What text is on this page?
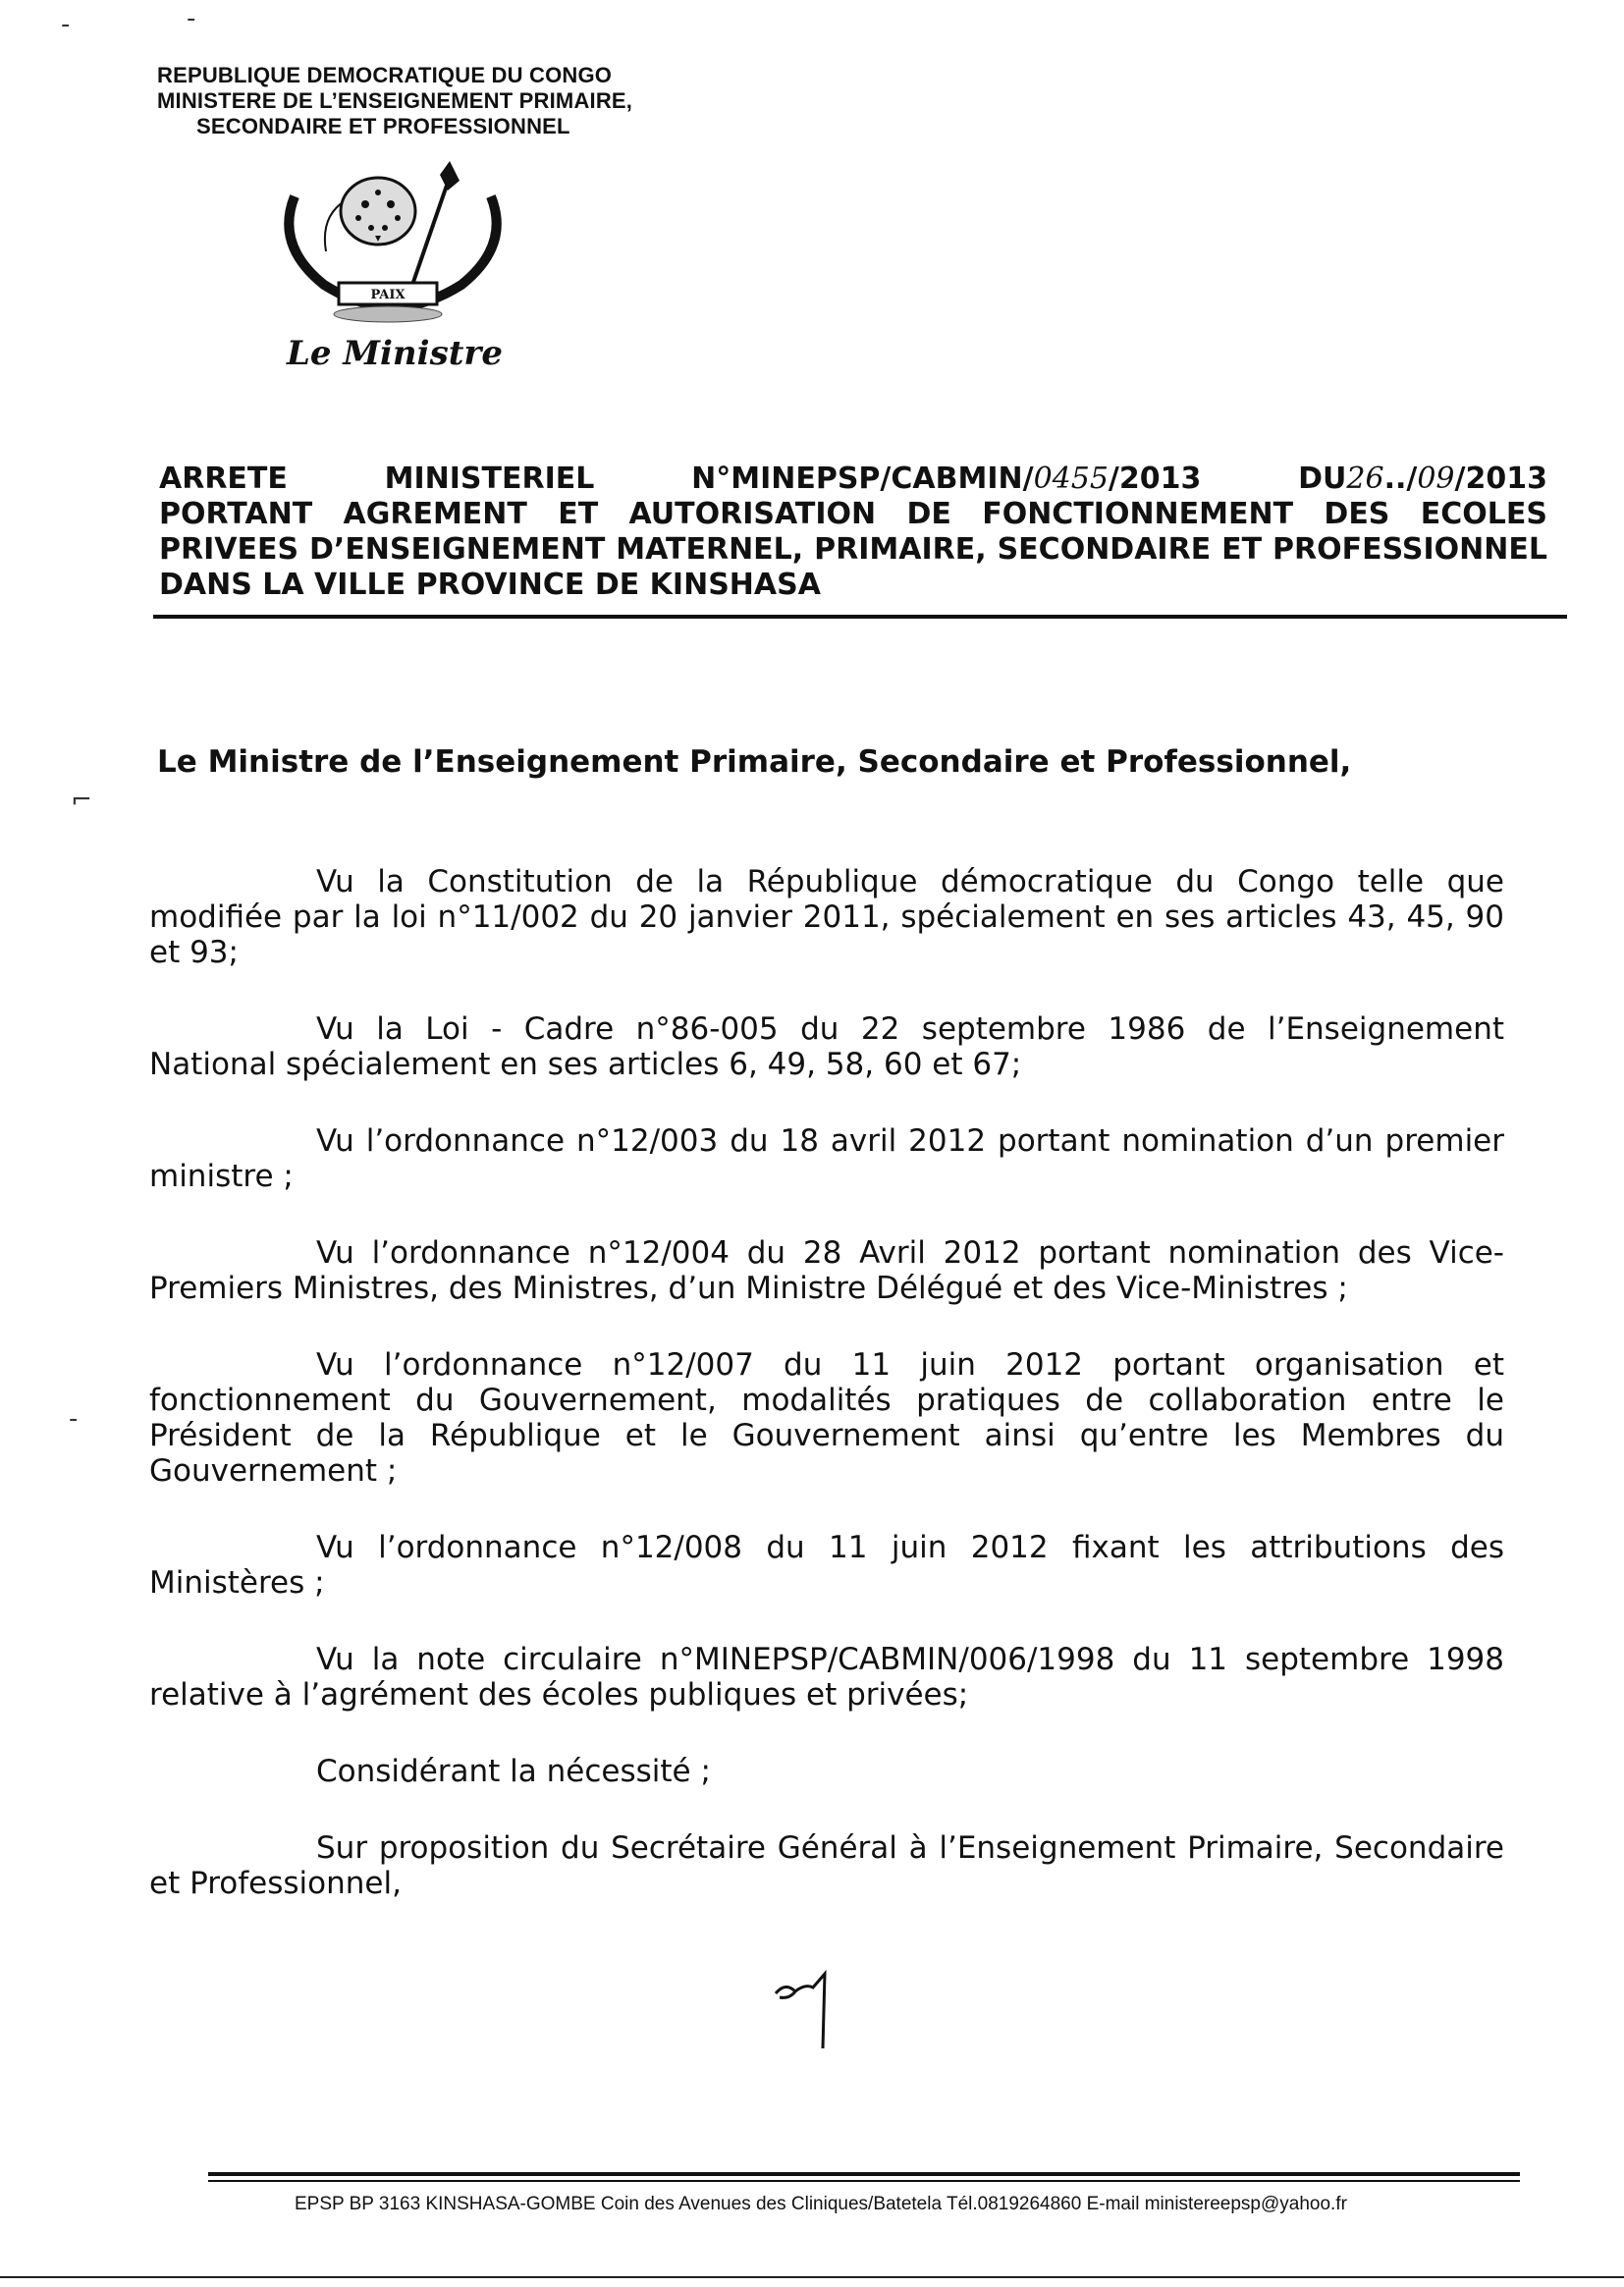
-	-
⌐
-
REPUBLIQUE DEMOCRATIQUE DU CONGO
MINISTERE DE L’ENSEIGNEMENT PRIMAIRE,
SECONDAIRE ET PROFESSIONNEL
PAIX
JUSTICE
TRAVAIL
Le Ministre
ARRETE	MINISTERIEL	N°MINEPSP/CABMIN/0455/2013	DU26../09/2013
PORTANT AGREMENT ET AUTORISATION DE FONCTIONNEMENT DES ECOLES PRIVEES D’ENSEIGNEMENT MATERNEL, PRIMAIRE, SECONDAIRE ET PROFESSIONNEL DANS LA VILLE PROVINCE DE KINSHASA
Le Ministre de l’Enseignement Primaire, Secondaire et Professionnel,

Vu la Constitution de la République démocratique du Congo telle que modifiée par la loi n°11/002 du 20 janvier 2011, spécialement en ses articles 43, 45, 90 et 93;

Vu la Loi - Cadre n°86-005 du 22 septembre 1986 de l’Enseignement National spécialement en ses articles 6, 49, 58, 60 et 67;

Vu l’ordonnance n°12/003 du 18 avril 2012 portant nomination d’un premier ministre ;

Vu l’ordonnance n°12/004 du 28 Avril 2012 portant nomination des Vice-Premiers Ministres, des Ministres, d’un Ministre Délégué et des Vice-Ministres ;

Vu l’ordonnance n°12/007 du 11 juin 2012 portant organisation et fonctionnement du Gouvernement, modalités pratiques de collaboration entre le Président de la République et le Gouvernement ainsi qu’entre les Membres du Gouvernement ;

Vu l’ordonnance n°12/008 du 11 juin 2012 fixant les attributions des Ministères ;

Vu la note circulaire n°MINEPSP/CABMIN/006/1998 du 11 septembre 1998 relative à l’agrément des écoles publiques et privées;

Considérant la nécessité ;

Sur proposition du Secrétaire Général à l’Enseignement Primaire, Secondaire et Professionnel,

EPSP BP 3163 KINSHASA-GOMBE Coin des Avenues des Cliniques/Batetela Tél.0819264860 E-mail ministereepsp@yahoo.fr
